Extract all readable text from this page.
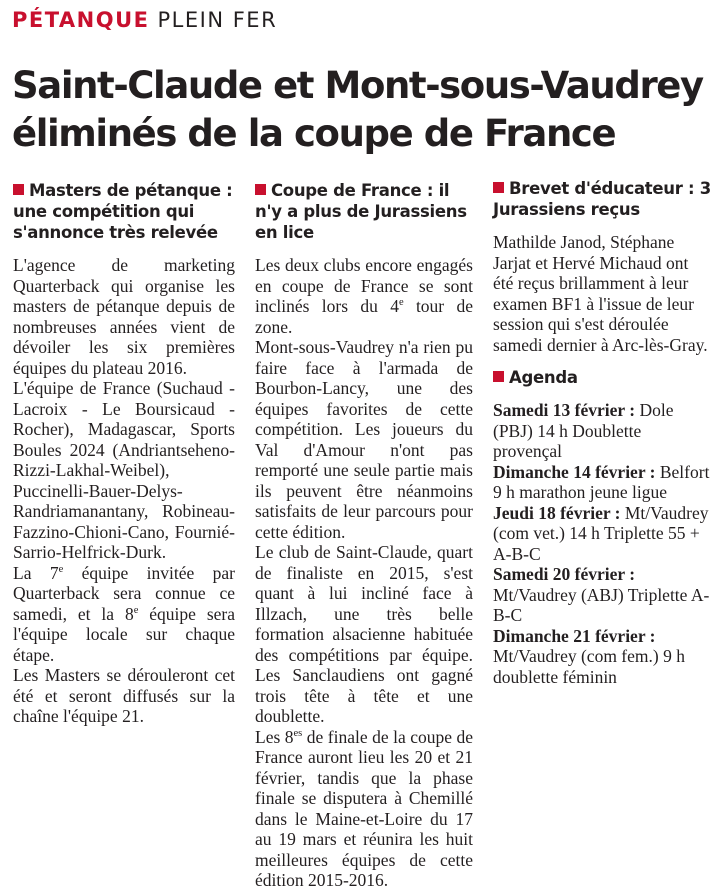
PÉTANQUE PLEIN FER
Saint-Claude et Mont-sous-Vaudrey éliminés de la coupe de France
Masters de pétanque : une compétition qui s'annonce très relevée

L'agence de marketing Quarterback qui organise les masters de pétanque depuis de nombreuses années vient de dévoiler les six premières équipes du plateau 2016.

L'équipe de France (Suchaud - Lacroix - Le Boursicaud - Rocher), Madagascar, Sports Boules 2024 (Andriantseheno-Rizzi-Lakhal-Weibel), Puccinelli-Bauer-Delys-Randriamanantany, Robineau-Fazzino-Chioni-Cano, Fournié-Sarrio-Helfrick-Durk.

La 7e équipe invitée par Quarterback sera connue ce samedi, et la 8e équipe sera l'équipe locale sur chaque étape.

Les Masters se dérouleront cet été et seront diffusés sur la chaîne l'équipe 21.

Coupe de France : il n'y a plus de Jurassiens en lice

Les deux clubs encore engagés en coupe de France se sont inclinés lors du 4e tour de zone.

Mont-sous-Vaudrey n'a rien pu faire face à l'armada de Bourbon-Lancy, une des équipes favorites de cette compétition. Les joueurs du Val d'Amour n'ont pas remporté une seule partie mais ils peuvent être néanmoins satisfaits de leur parcours pour cette édition.

Le club de Saint-Claude, quart de finaliste en 2015, s'est quant à lui incliné face à Illzach, une très belle formation alsacienne habituée des compétitions par équipe. Les Sanclaudiens ont gagné trois tête à tête et une doublette.

Les $8^{es}$ de finale de la coupe de France auront lieu les 20 et 21 février, tandis que la phase finale se disputera à Chemillé dans le Maine-et-Loire du 17 au 19 mars et réunira les huit meilleures équipes de cette édition 2015-2016.

Brevet d'éducateur : 3 Jurassiens reçus

Mathilde Janod, Stéphane Jarjat et Hervé Michaud ont été reçus brillamment à leur examen BF1 à l'issue de leur session qui s'est déroulée samedi dernier à Arc-lès-Gray.

Agenda

Samedi 13 février : Dole (PBJ) 14 h Doublette provençal

Dimanche 14 février : Belfort 9 h marathon jeune ligue

Jeudi 18 février : Mt/Vaudrey (com vet.) 14 h Triplette 55 + A-B-C

Samedi 20 février : Mt/Vaudrey (ABJ) Triplette A-B-C

Dimanche 21 février : Mt/Vaudrey (com fem.) 9 h doublette féminin
